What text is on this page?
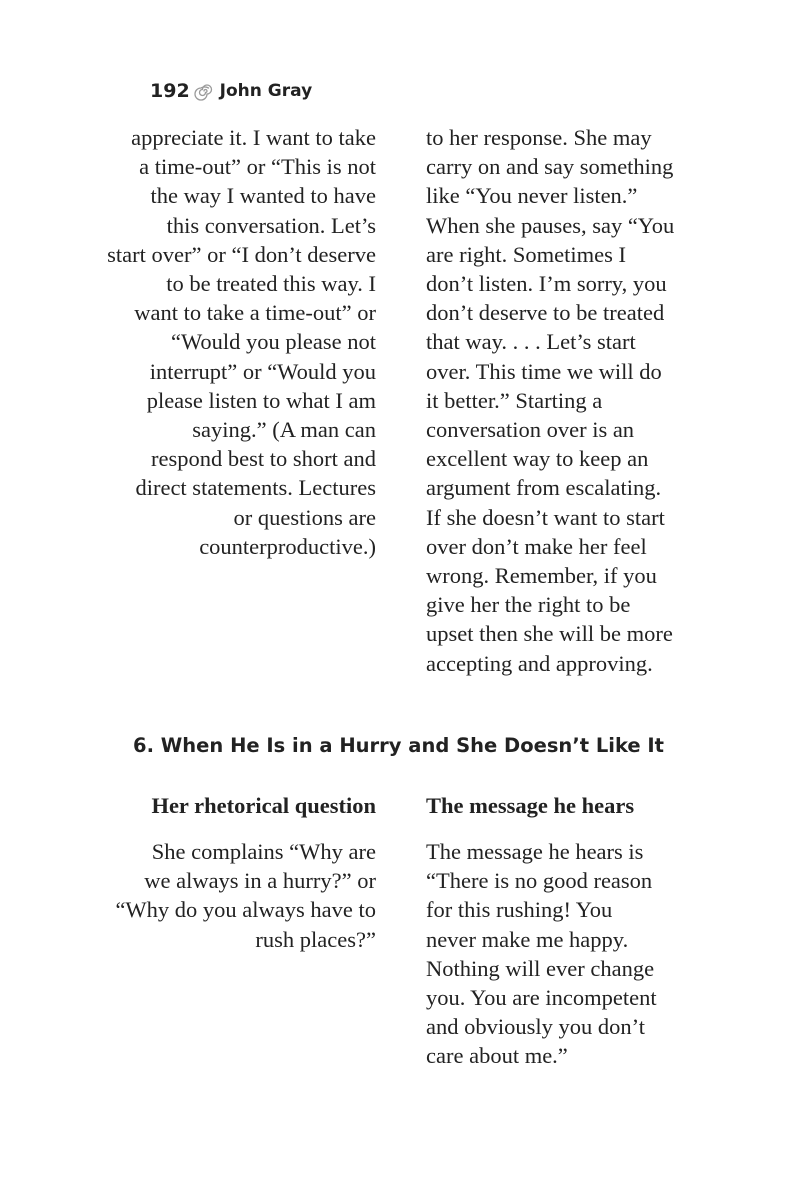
192 John Gray

appreciate it. I want to take
a time-out” or “This is not
the way I wanted to have
this conversation. Let’s
start over” or “I don’t deserve
to be treated this way. I
want to take a time-out” or
“Would you please not
interrupt” or “Would you
please listen to what I am
saying.” (A man can
respond best to short and
direct statements. Lectures
or questions are
counterproductive.)

to her response. She may
carry on and say something
like “You never listen.”
When she pauses, say “You
are right. Sometimes I
don’t listen. I’m sorry, you
don’t deserve to be treated
that way. . . . Let’s start
over. This time we will do
it better.” Starting a
conversation over is an
excellent way to keep an
argument from escalating.
If she doesn’t want to start
over don’t make her feel
wrong. Remember, if you
give her the right to be
upset then she will be more
accepting and approving.

6. When He Is in a Hurry and She Doesn’t Like It
Her rhetorical question The message he hears

She complains “Why are
we always in a hurry?” or
“Why do you always have to
rush places?”

The message he hears is
“There is no good reason
for this rushing! You
never make me happy.
Nothing will ever change
you. You are incompetent
and obviously you don’t
care about me.”
